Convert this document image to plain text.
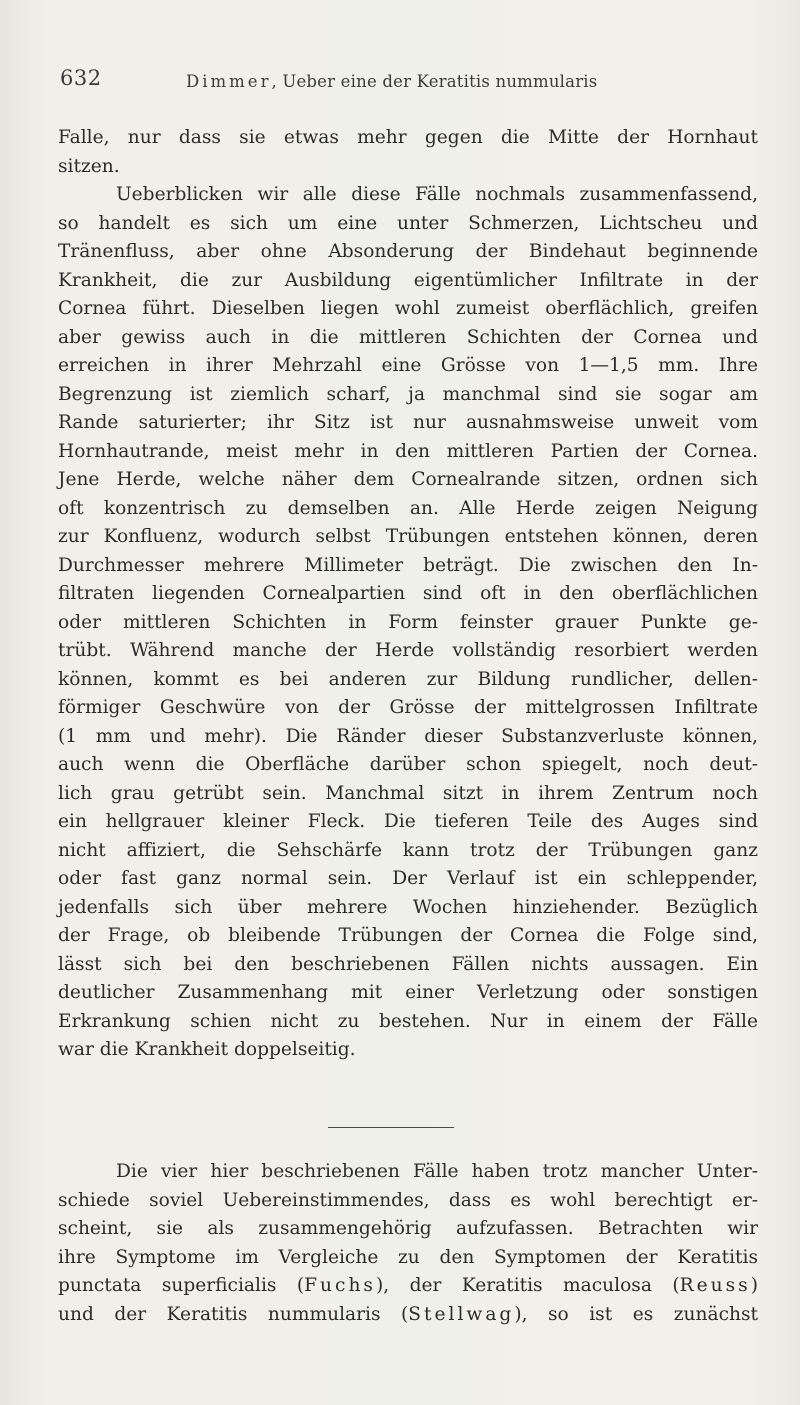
632	Dimmer, Ueber eine der Keratitis nummularis
Falle, nur dass sie etwas mehr gegen die Mitte der Hornhaut
sitzen.
Ueberblicken wir alle diese Fälle nochmals zusammenfassend,
so handelt es sich um eine unter Schmerzen, Lichtscheu und
Tränenfluss, aber ohne Absonderung der Bindehaut beginnende
Krankheit, die zur Ausbildung eigentümlicher Infiltrate in der
Cornea führt. Dieselben liegen wohl zumeist oberflächlich, greifen
aber gewiss auch in die mittleren Schichten der Cornea und
erreichen in ihrer Mehrzahl eine Grösse von 1—1,5 mm. Ihre
Begrenzung ist ziemlich scharf, ja manchmal sind sie sogar am
Rande saturierter; ihr Sitz ist nur ausnahmsweise unweit vom
Hornhautrande, meist mehr in den mittleren Partien der Cornea.
Jene Herde, welche näher dem Cornealrande sitzen, ordnen sich
oft konzentrisch zu demselben an. Alle Herde zeigen Neigung
zur Konfluenz, wodurch selbst Trübungen entstehen können, deren
Durchmesser mehrere Millimeter beträgt. Die zwischen den In-
filtraten liegenden Cornealpartien sind oft in den oberflächlichen
oder mittleren Schichten in Form feinster grauer Punkte ge-
trübt. Während manche der Herde vollständig resorbiert werden
können, kommt es bei anderen zur Bildung rundlicher, dellen-
förmiger Geschwüre von der Grösse der mittelgrossen Infiltrate
(1 mm und mehr). Die Ränder dieser Substanzverluste können,
auch wenn die Oberfläche darüber schon spiegelt, noch deut-
lich grau getrübt sein. Manchmal sitzt in ihrem Zentrum noch
ein hellgrauer kleiner Fleck. Die tieferen Teile des Auges sind
nicht affiziert, die Sehschärfe kann trotz der Trübungen ganz
oder fast ganz normal sein. Der Verlauf ist ein schleppender,
jedenfalls sich über mehrere Wochen hinziehender. Bezüglich
der Frage, ob bleibende Trübungen der Cornea die Folge sind,
lässt sich bei den beschriebenen Fällen nichts aussagen. Ein
deutlicher Zusammenhang mit einer Verletzung oder sonstigen
Erkrankung schien nicht zu bestehen. Nur in einem der Fälle
war die Krankheit doppelseitig.
Die vier hier beschriebenen Fälle haben trotz mancher Unter-
schiede soviel Uebereinstimmendes, dass es wohl berechtigt er-
scheint, sie als zusammengehörig aufzufassen. Betrachten wir
ihre Symptome im Vergleiche zu den Symptomen der Keratitis
punctata superficialis (Fuchs), der Keratitis maculosa (Reuss)
und der Keratitis nummularis (Stellwag), so ist es zunächst
